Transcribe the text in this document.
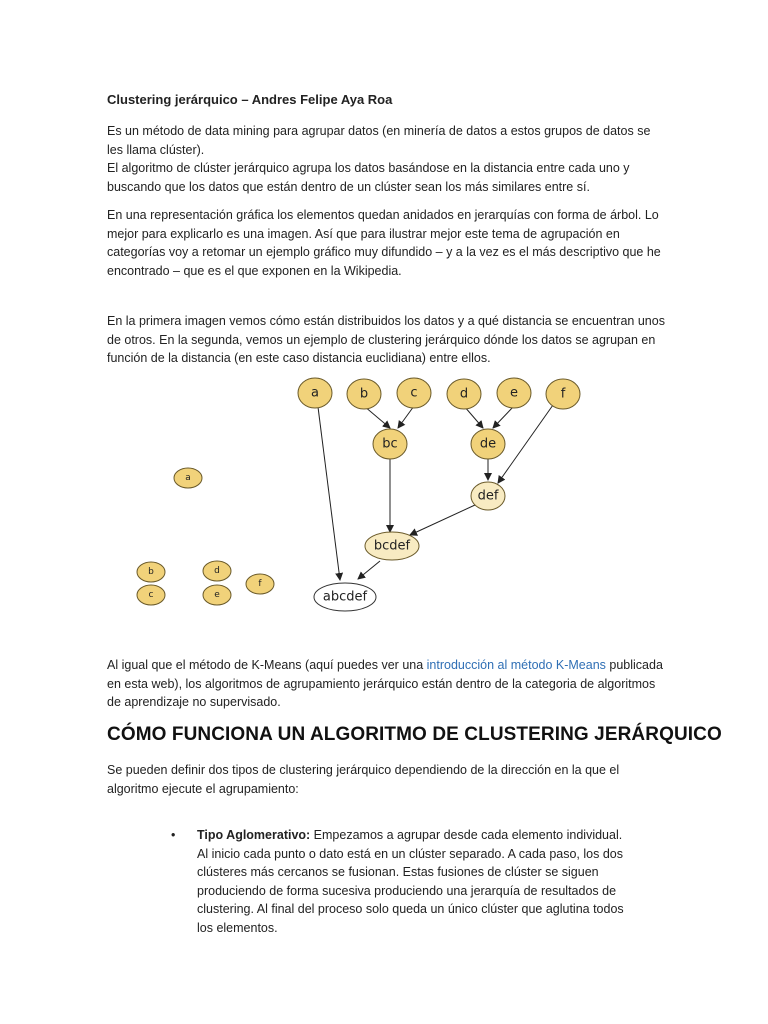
Clustering jerárquico – Andres Felipe Aya Roa

Es un método de data mining para agrupar datos (en minería de datos a estos grupos de datos se les llama clúster).

El algoritmo de clúster jerárquico agrupa los datos basándose en la distancia entre cada uno y buscando que los datos que están dentro de un clúster sean los más similares entre sí.

En una representación gráfica los elementos quedan anidados en jerarquías con forma de árbol. Lo mejor para explicarlo es una imagen. Así que para ilustrar mejor este tema de agrupación en categorías voy a retomar un ejemplo gráfico muy difundido – y a la vez es el más descriptivo que he encontrado – que es el que exponen en la Wikipedia.

En la primera imagen vemos cómo están distribuidos los datos y a qué distancia se encuentran unos de otros. En la segunda, vemos un ejemplo de clustering jerárquico dónde los datos se agrupan en función de la distancia (en este caso distancia euclidiana) entre ellos.

a
b
c
d
e
f
a	b	c	d	e	f
bc	de
def
bcdef
abcdef

Al igual que el método de K-Means (aquí puedes ver una introducción al método K-Means publicada en esta web), los algoritmos de agrupamiento jerárquico están dentro de la categoria de algoritmos de aprendizaje no supervisado.

CÓMO FUNCIONA UN ALGORITMO DE CLUSTERING JERÁRQUICO

Se pueden definir dos tipos de clustering jerárquico dependiendo de la dirección en la que el algoritmo ejecute el agrupamiento:

• Tipo Aglomerativo: Empezamos a agrupar desde cada elemento individual.
Al inicio cada punto o dato está en un clúster separado. A cada paso, los dos clústeres más cercanos se fusionan. Estas fusiones de clúster se siguen produciendo de forma sucesiva produciendo una jerarquía de resultados de clustering. Al final del proceso solo queda un único clúster que aglutina todos los elementos.
